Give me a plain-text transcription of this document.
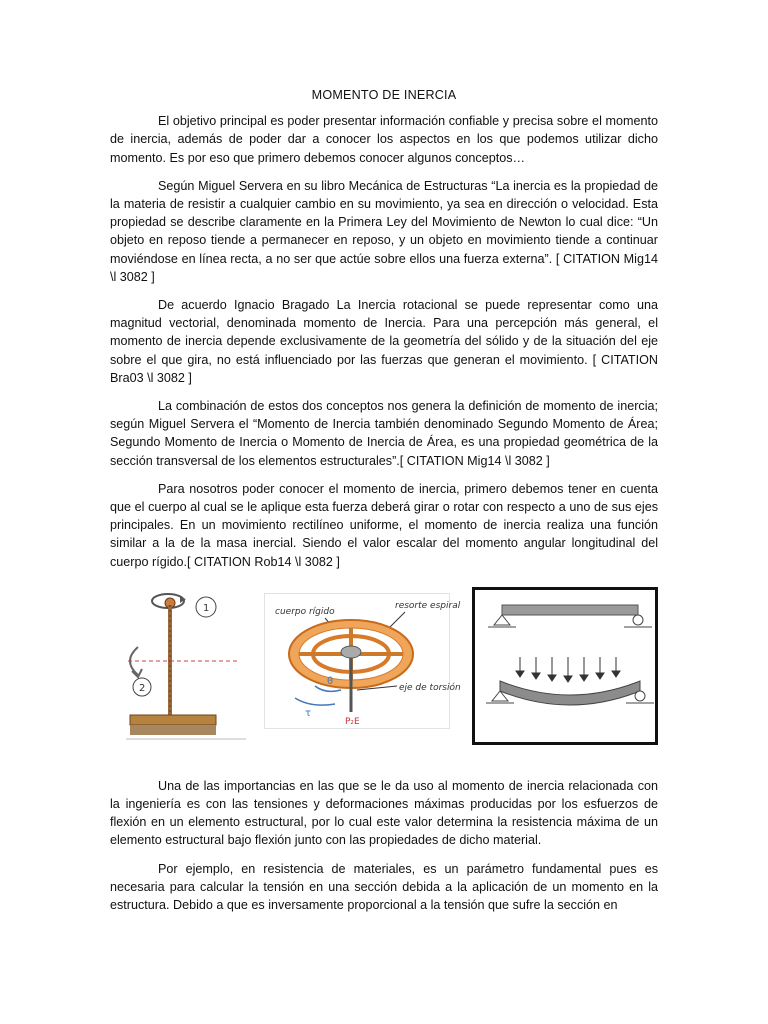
MOMENTO DE INERCIA

El objetivo principal es poder presentar información confiable y precisa sobre el momento de inercia, además de poder dar a conocer los aspectos en los que podemos utilizar dicho momento. Es por eso que primero debemos conocer algunos conceptos…

Según Miguel Servera en su libro Mecánica de Estructuras “La inercia es la propiedad de la materia de resistir a cualquier cambio en su movimiento, ya sea en dirección o velocidad. Esta propiedad se describe claramente en la Primera Ley del Movimiento de Newton lo cual dice: “Un objeto en reposo tiende a permanecer en reposo, y un objeto en movimiento tiende a continuar moviéndose en línea recta, a no ser que actúe sobre ellos una fuerza externa”. [ CITATION Mig14 \l 3082 ]

De acuerdo Ignacio Bragado La Inercia rotacional se puede representar como una magnitud vectorial, denominada momento de Inercia. Para una percepción más general, el momento de inercia depende exclusivamente de la geometría del sólido y de la situación del eje sobre el que gira, no está influenciado por las fuerzas que generan el movimiento. [ CITATION Bra03 \l 3082 ]

La combinación de estos dos conceptos nos genera la definición de momento de inercia; según Miguel Servera el “Momento de Inercia también denominado Segundo Momento de Área; Segundo Momento de Inercia o Momento de Inercia de Área, es una propiedad geométrica de la sección transversal de los elementos estructurales”.[ CITATION Mig14 \l 3082 ]

Para nosotros poder conocer el momento de inercia, primero debemos tener en cuenta que el cuerpo al cual se le aplique esta fuerza deberá girar o rotar con respecto a uno de sus ejes principales. En un movimiento rectilíneo uniforme, el momento de inercia realiza una función similar a la de la masa inercial. Siendo el valor escalar del momento angular longitudinal del cuerpo rígido.[ CITATION Rob14 \l 3082 ]

1
2
cuerpo rígido
resorte espiral
eje de torsión
θ
τ
P₂E

Una de las importancias en las que se le da uso al momento de inercia relacionada con la ingeniería es con las tensiones y deformaciones máximas producidas por los esfuerzos de flexión en un elemento estructural, por lo cual este valor determina la resistencia máxima de un elemento estructural bajo flexión junto con las propiedades de dicho material.

Por ejemplo, en resistencia de materiales, es un parámetro fundamental pues es necesaria para calcular la tensión en una sección debida a la aplicación de un momento en la estructura. Debido a que es inversamente proporcional a la tensión que sufre la sección en
